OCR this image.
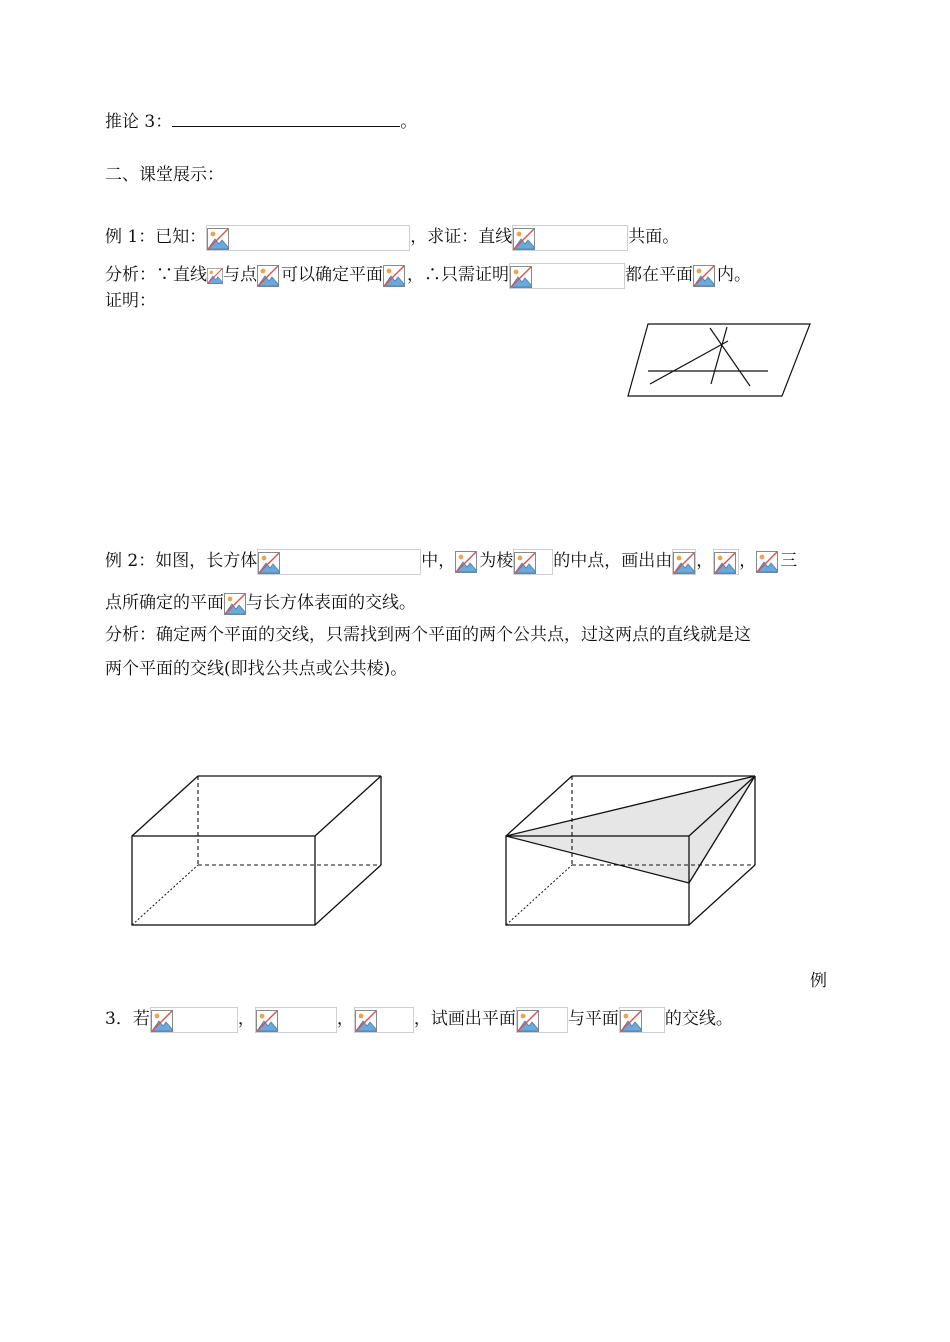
推论 3：	。
二、课堂展示：
例 1：已知：	，求证：直线	共面。
分析：∵直线 与点 可以确定平面 ，∴只需证明	都在平面 内。
证明：
例 2：如图，长方体	中， 为棱 的中点，画出由 ， ， 三
点所确定的平面 与长方体表面的交线。
分析：确定两个平面的交线，只需找到两个平面的两个公共点，过这两点的直线就是这
两个平面的交线(即找公共点或公共棱)。
例
3．若	，	，	，试画出平面	与平面	的交线。
